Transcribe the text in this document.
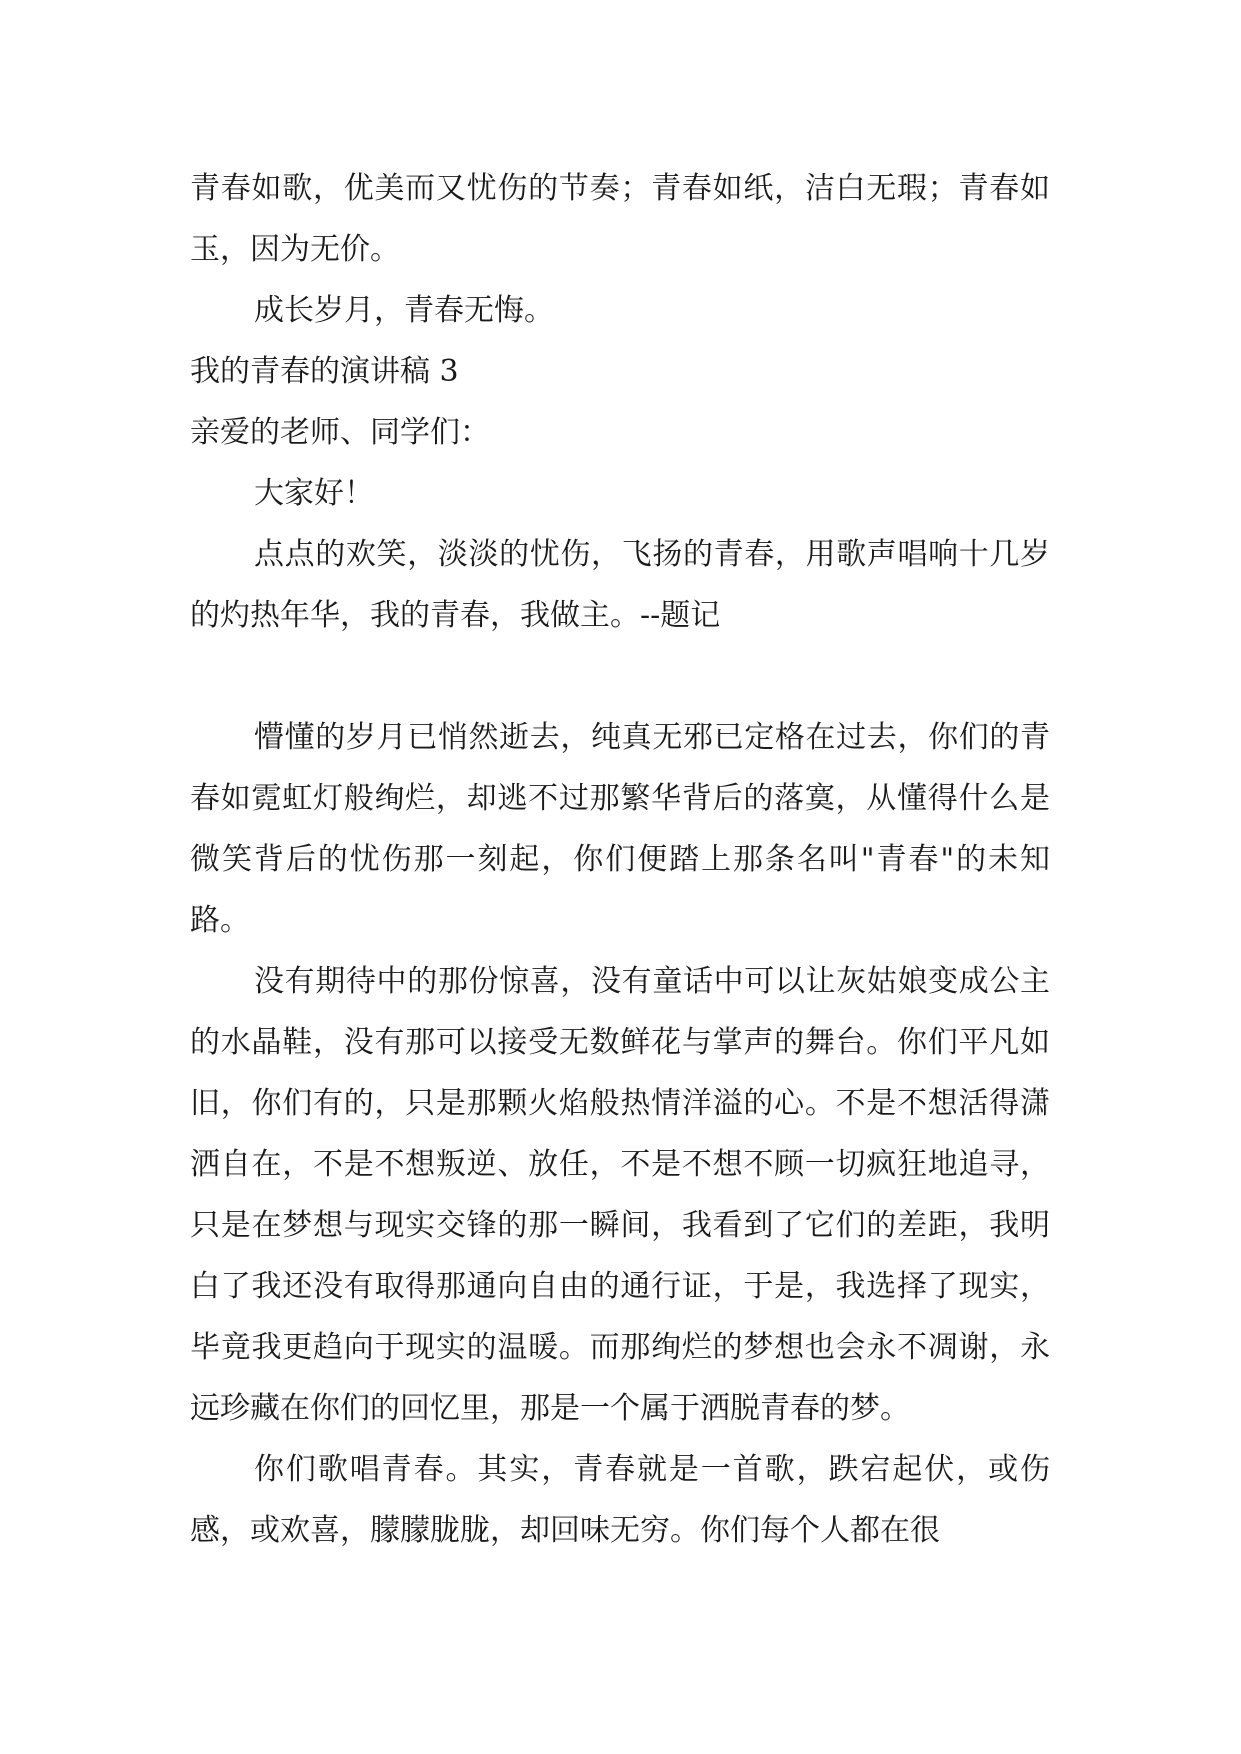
青春如歌，优美而又忧伤的节奏；青春如纸，洁白无瑕；青春如玉，因为无价。

成长岁月，青春无悔。

我的青春的演讲稿 3

亲爱的老师、同学们：

大家好！

点点的欢笑，淡淡的忧伤，飞扬的青春，用歌声唱响十几岁的灼热年华，我的青春，我做主。--题记

懵懂的岁月已悄然逝去，纯真无邪已定格在过去，你们的青春如霓虹灯般绚烂，却逃不过那繁华背后的落寞，从懂得什么是微笑背后的忧伤那一刻起，你们便踏上那条名叫"青春"的未知路。

没有期待中的那份惊喜，没有童话中可以让灰姑娘变成公主的水晶鞋，没有那可以接受无数鲜花与掌声的舞台。你们平凡如旧，你们有的，只是那颗火焰般热情洋溢的心。不是不想活得潇洒自在，不是不想叛逆、放任，不是不想不顾一切疯狂地追寻，只是在梦想与现实交锋的那一瞬间，我看到了它们的差距，我明白了我还没有取得那通向自由的通行证，于是，我选择了现实，毕竟我更趋向于现实的温暖。而那绚烂的梦想也会永不凋谢，永远珍藏在你们的回忆里，那是一个属于洒脱青春的梦。

你们歌唱青春。其实，青春就是一首歌，跌宕起伏，或伤感，或欢喜，朦朦胧胧，却回味无穷。你们每个人都在很
